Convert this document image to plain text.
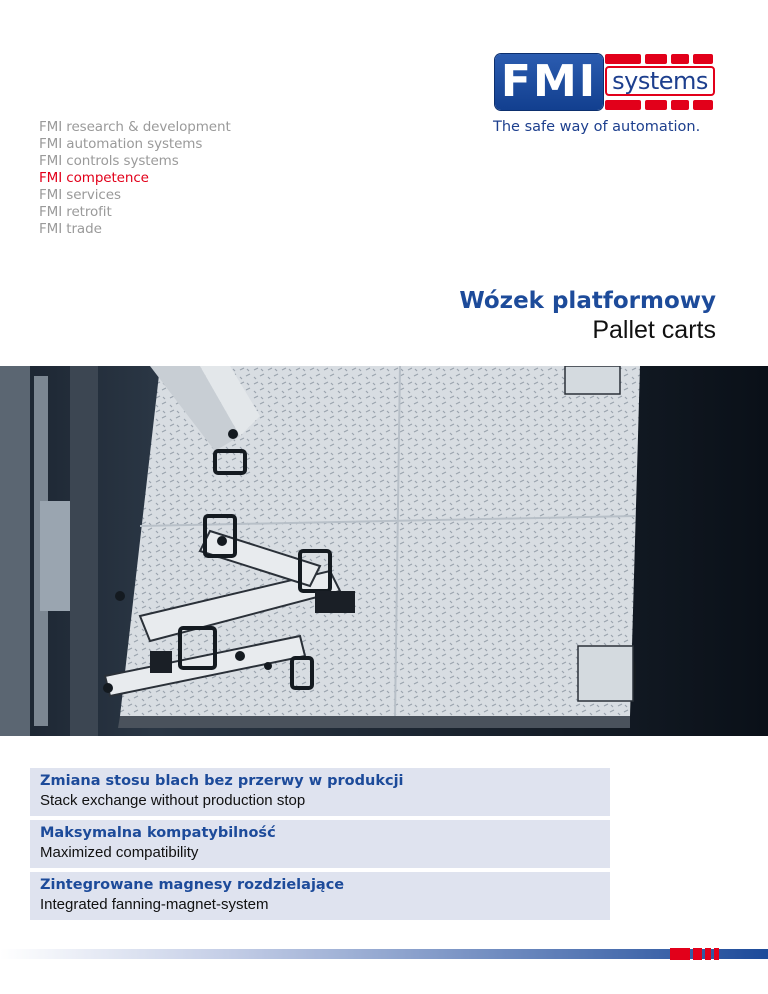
FMI research & development
FMI automation systems
FMI controls systems
FMI competence
FMI services
FMI retrofit
FMI trade
FMI systems
The safe way of automation.
Wózek platformowy
Pallet carts
Zmiana stosu blach bez przerwy w produkcji
Stack exchange without production stop
Maksymalna kompatybilność
Maximized compatibility
Zintegrowane magnesy rozdzielające
Integrated fanning-magnet-system
